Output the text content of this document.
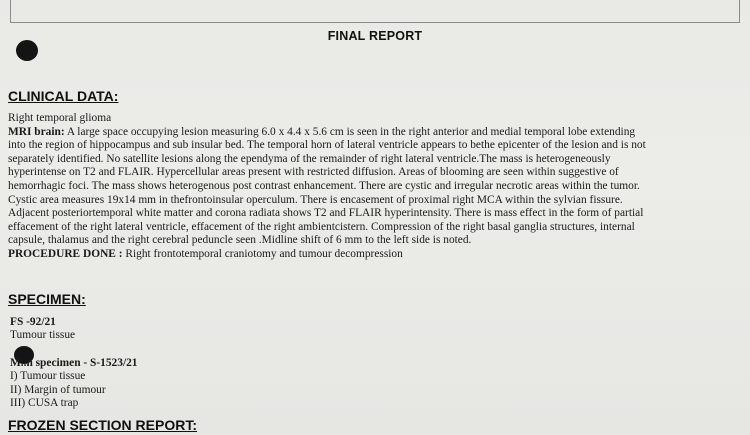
FINAL REPORT
CLINICAL DATA:

Right temporal glioma

MRI brain: A large space occupying lesion measuring 6.0 x 4.4 x 5.6 cm is seen in the right anterior and medial temporal lobe extending

into the region of hippocampus and sub insular bed. The temporal horn of lateral ventricle appears to bethe epicenter of the lesion and is not

separately identified. No satellite lesions along the ependyma of the remainder of right lateral ventricle.The mass is heterogeneously

hyperintense on T2 and FLAIR. Hypercellular areas present with restricted diffusion. Areas of blooming are seen within suggestive of

hemorrhagic foci. The mass shows heterogenous post contrast enhancement. There are cystic and irregular necrotic areas within the tumor.

Cystic area measures 19x14 mm in thefrontoinsular operculum. There is encasement of proximal right MCA within the sylvian fissure.

Adjacent posteriortemporal white matter and corona radiata shows T2 and FLAIR hyperintensity. There is mass effect in the form of partial

effacement of the right lateral ventricle, effacement of the right ambientcistern. Compression of the right basal ganglia structures, internal

capsule, thalamus and the right cerebral peduncle seen .Midline shift of 6 mm to the left side is noted.

PROCEDURE DONE : Right frontotemporal craniotomy and tumour decompression

SPECIMEN:

FS -92/21

Tumour tissue

M..n specimen - S-1523/21

I) Tumour tissue

II) Margin of tumour

III) CUSA trap

FROZEN SECTION REPORT:
